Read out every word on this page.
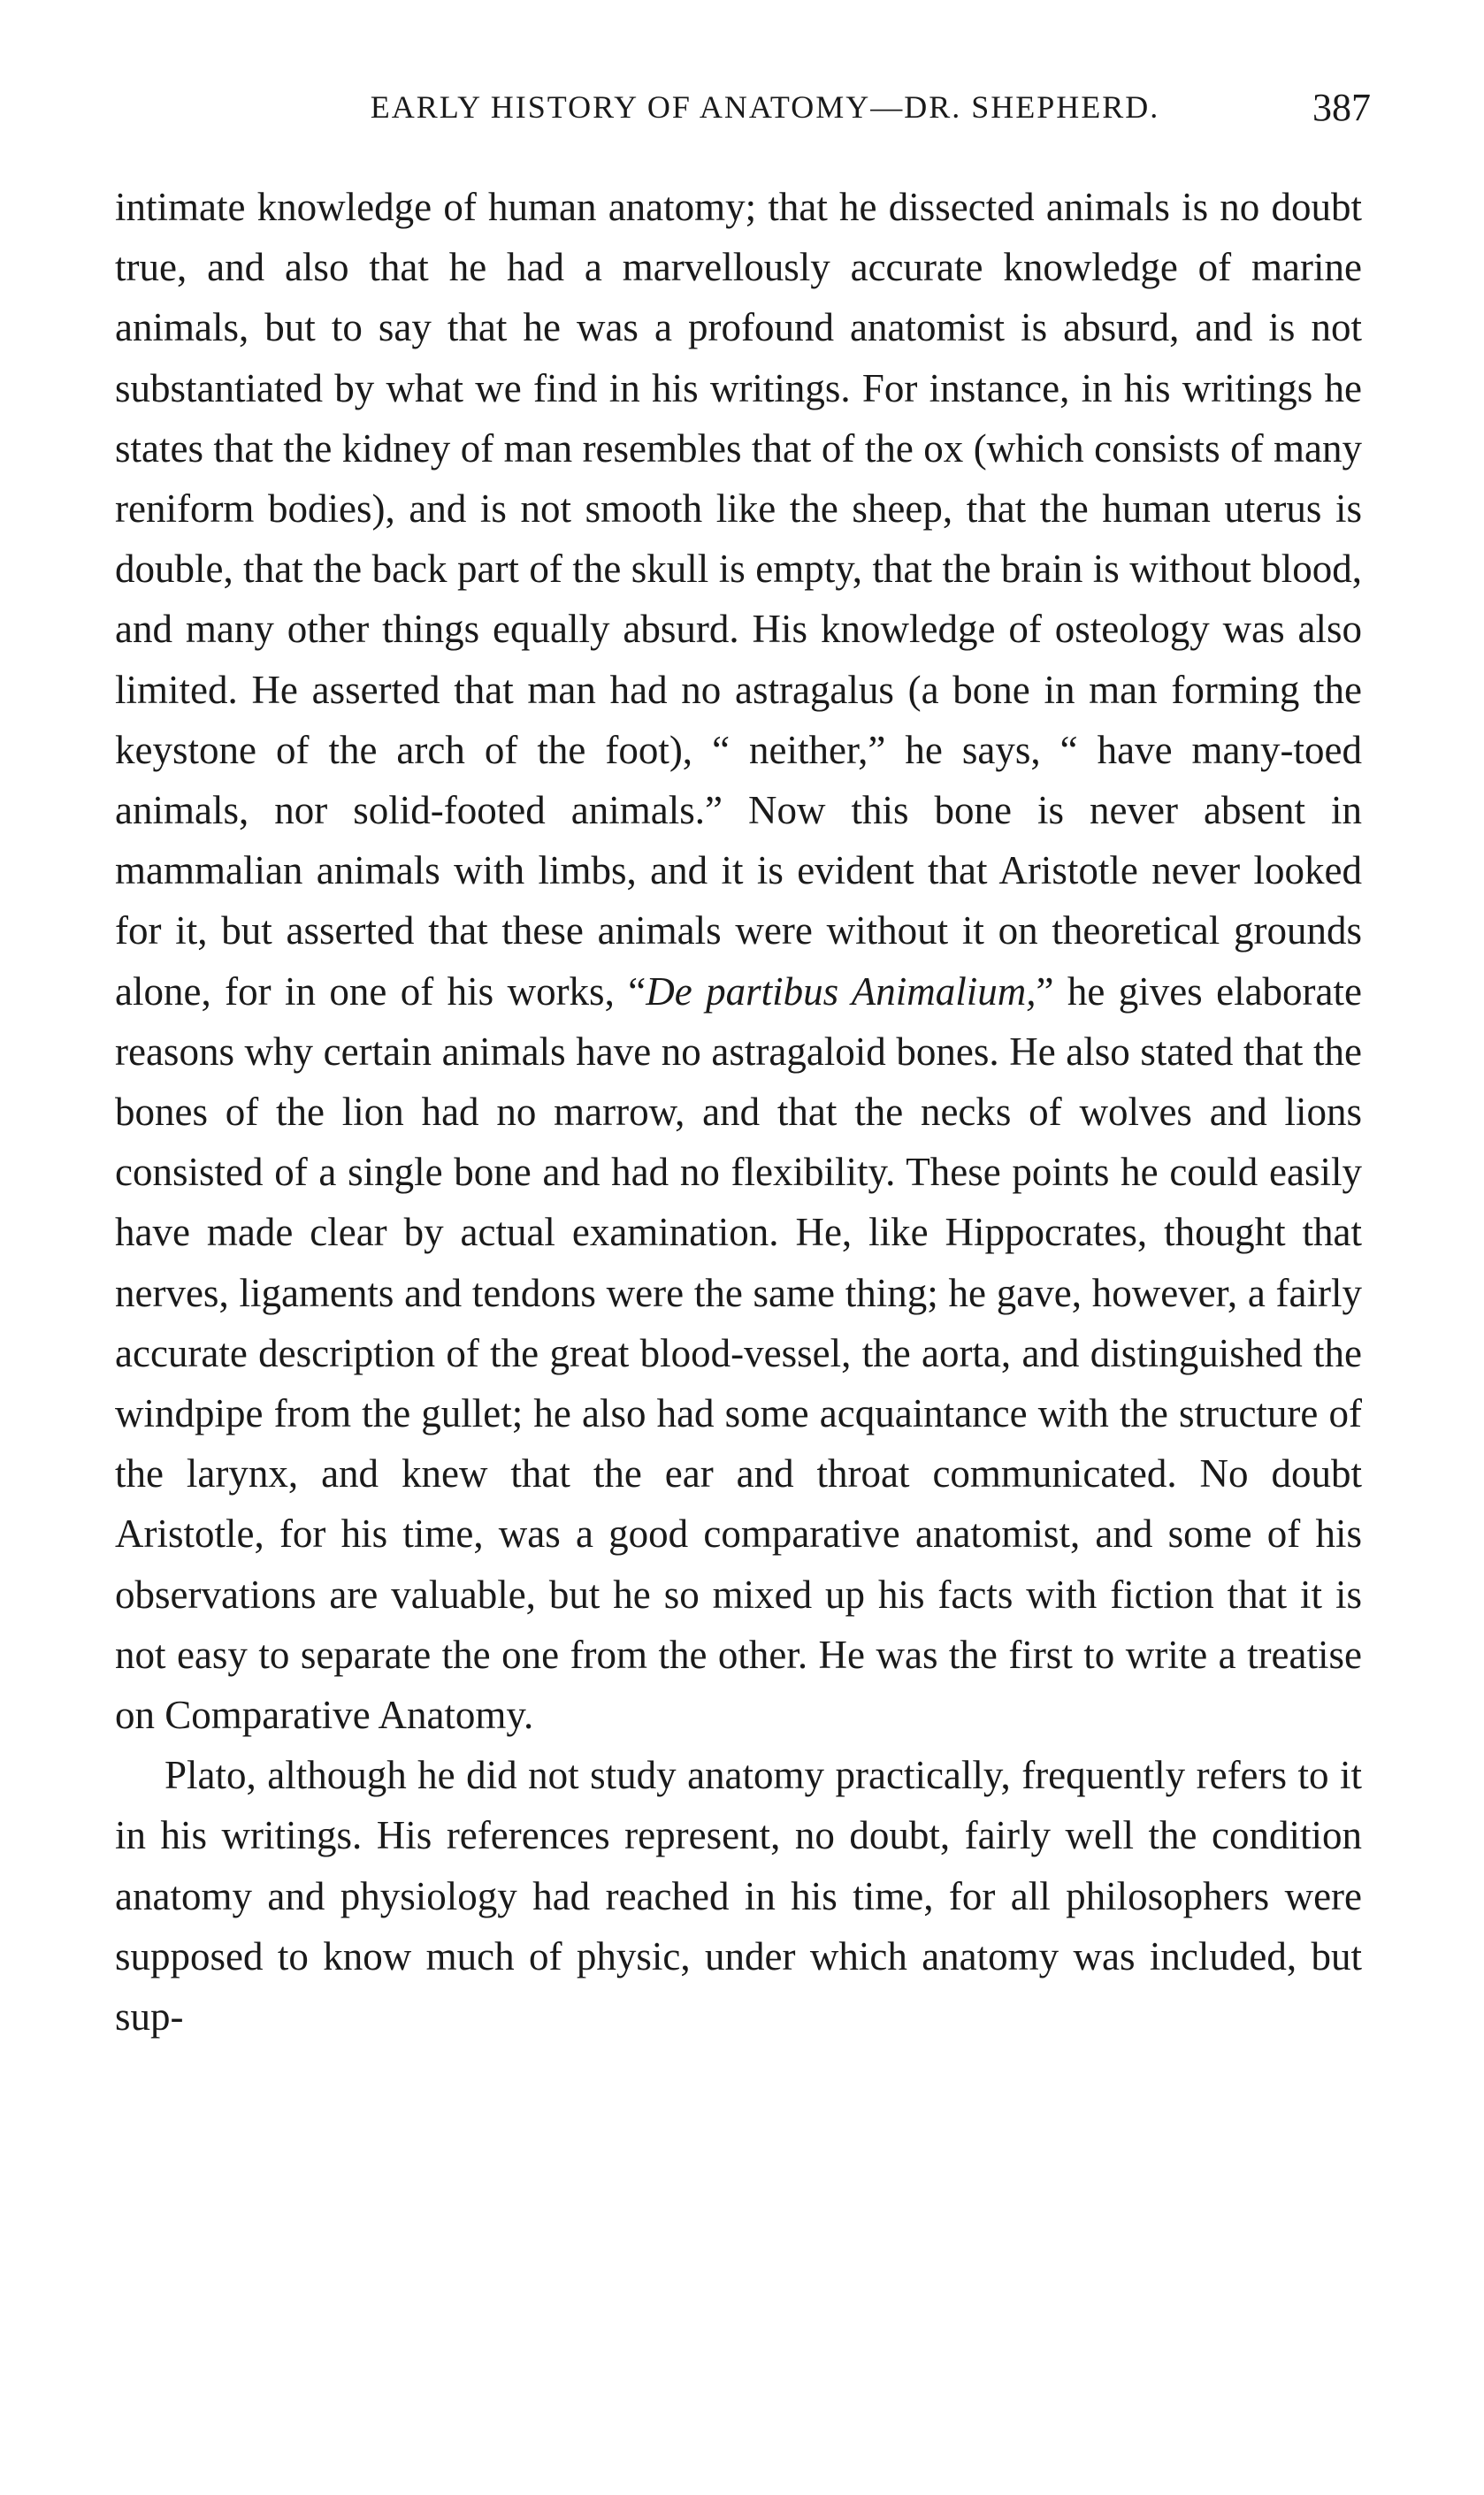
EARLY HISTORY OF ANATOMY—DR. SHEPHERD.	387

intimate knowledge of human anatomy; that he dissected animals is no doubt true, and also that he had a marvellously accurate knowledge of marine animals, but to say that he was a profound anatomist is absurd, and is not substantiated by what we find in his writings. For instance, in his writings he states that the kidney of man resembles that of the ox (which consists of many reniform bodies), and is not smooth like the sheep, that the human uterus is double, that the back part of the skull is empty, that the brain is without blood, and many other things equally absurd. His knowledge of osteology was also limited. He asserted that man had no astragalus (a bone in man forming the keystone of the arch of the foot), “ neither,” he says, “ have many-toed animals, nor solid-footed animals.” Now this bone is never absent in mammalian animals with limbs, and it is evident that Aristotle never looked for it, but asserted that these animals were without it on theoretical grounds alone, for in one of his works, “De partibus Animalium,” he gives elaborate reasons why certain animals have no astragaloid bones. He also stated that the bones of the lion had no marrow, and that the necks of wolves and lions consisted of a single bone and had no flexibility. These points he could easily have made clear by actual examination. He, like Hippocrates, thought that nerves, ligaments and tendons were the same thing; he gave, however, a fairly accurate description of the great blood-vessel, the aorta, and distinguished the windpipe from the gullet; he also had some acquaintance with the structure of the larynx, and knew that the ear and throat communicated. No doubt Aristotle, for his time, was a good comparative anatomist, and some of his observations are valuable, but he so mixed up his facts with fiction that it is not easy to separate the one from the other. He was the first to write a treatise on Comparative Anatomy.

Plato, although he did not study anatomy practically, frequently refers to it in his writings. His references represent, no doubt, fairly well the condition anatomy and physiology had reached in his time, for all philosophers were supposed to know much of physic, under which anatomy was included, but sup-
